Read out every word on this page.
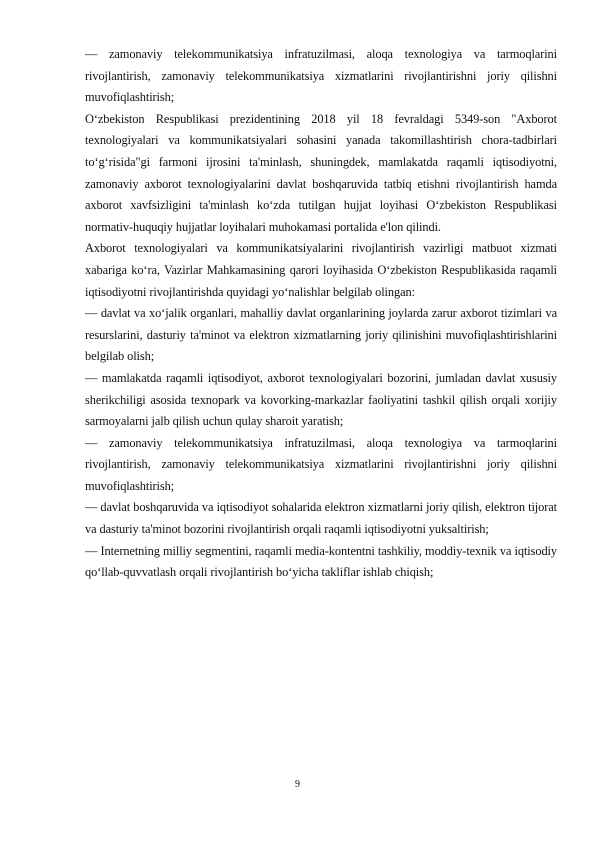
— zamonaviy telekommunikatsiya infratuzilmasi, aloqa texnologiya va tarmoqlarini rivojlantirish, zamonaviy telekommunikatsiya xizmatlarini rivojlantirishni joriy qilishni muvofiqlashtirish;

O‘zbekiston Respublikasi prezidentining 2018 yil 18 fevraldagi 5349-son "Axborot texnologiyalari va kommunikatsiyalari sohasini yanada takomillashtirish chora-tadbirlari to‘g‘risida"gi farmoni ijrosini ta'minlash, shuningdek, mamlakatda raqamli iqtisodiyotni, zamonaviy axborot texnologiyalarini davlat boshqaruvida tatbiq etishni rivojlantirish hamda axborot xavfsizligini ta'minlash ko‘zda tutilgan hujjat loyihasi O‘zbekiston Respublikasi normativ-huquqiy hujjatlar loyihalari muhokamasi portalida e'lon qilindi.

Axborot texnologiyalari va kommunikatsiyalarini rivojlantirish vazirligi matbuot xizmati xabariga ko‘ra, Vazirlar Mahkamasining qarori loyihasida O‘zbekiston Respublikasida raqamli iqtisodiyotni rivojlantirishda quyidagi yo‘nalishlar belgilab olingan:

— davlat va xo‘jalik organlari, mahalliy davlat organlarining joylarda zarur axborot tizimlari va resurslarini, dasturiy ta'minot va elektron xizmatlarning joriy qilinishini muvofiqlashtirishlarini belgilab olish;

— mamlakatda raqamli iqtisodiyot, axborot texnologiyalari bozorini, jumladan davlat xususiy sherikchiligi asosida texnopark va kovorking-markazlar faoliyatini tashkil qilish orqali xorijiy sarmoyalarni jalb qilish uchun qulay sharoit yaratish;

— zamonaviy telekommunikatsiya infratuzilmasi, aloqa texnologiya va tarmoqlarini rivojlantirish, zamonaviy telekommunikatsiya xizmatlarini rivojlantirishni joriy qilishni muvofiqlashtirish;

— davlat boshqaruvida va iqtisodiyot sohalarida elektron xizmatlarni joriy qilish, elektron tijorat va dasturiy ta'minot bozorini rivojlantirish orqali raqamli iqtisodiyotni yuksaltirish;

— Internetning milliy segmentini, raqamli media-kontentni tashkiliy, moddiy-texnik va iqtisodiy qo‘llab-quvvatlash orqali rivojlantirish bo‘yicha takliflar ishlab chiqish;

9
